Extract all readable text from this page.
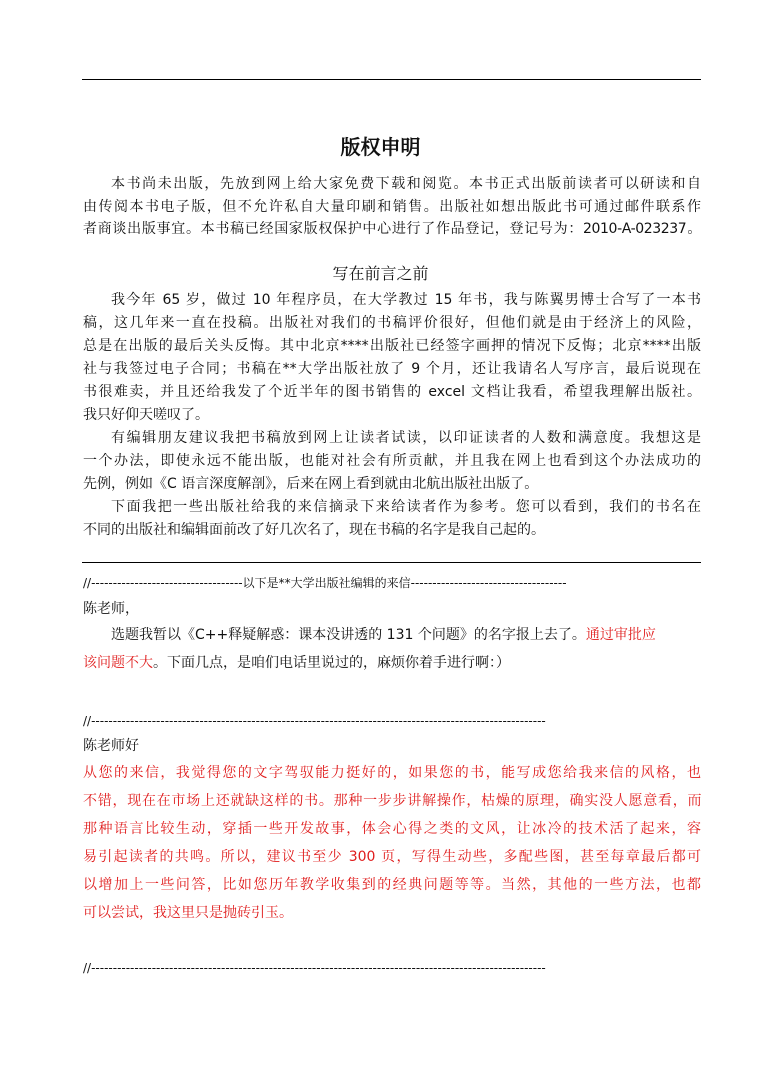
版权申明
本书尚未出版，先放到网上给大家免费下载和阅览。本书正式出版前读者可以研读和自
由传阅本书电子版，但不允许私自大量印刷和销售。出版社如想出版此书可通过邮件联系作
者商谈出版事宜。本书稿已经国家版权保护中心进行了作品登记，登记号为：2010-A-023237。
写在前言之前
我今年 65 岁，做过 10 年程序员，在大学教过 15 年书，我与陈翼男博士合写了一本书
稿，这几年来一直在投稿。出版社对我们的书稿评价很好，但他们就是由于经济上的风险，
总是在出版的最后关头反悔。其中北京****出版社已经签字画押的情况下反悔；北京****出版
社与我签过电子合同；书稿在**大学出版社放了 9 个月，还让我请名人写序言，最后说现在
书很难卖，并且还给我发了个近半年的图书销售的 excel 文档让我看，希望我理解出版社。
我只好仰天嗟叹了。
有编辑朋友建议我把书稿放到网上让读者试读，以印证读者的人数和满意度。我想这是
一个办法，即使永远不能出版，也能对社会有所贡献，并且我在网上也看到这个办法成功的
先例，例如《C 语言深度解剖》，后来在网上看到就由北航出版社出版了。
下面我把一些出版社给我的来信摘录下来给读者作为参考。您可以看到，我们的书名在
不同的出版社和编辑面前改了好几次名了，现在书稿的名字是我自己起的。
//-----------------------------------以下是**大学出版社编辑的来信------------------------------------
陈老师，
选题我暂以《C++释疑解惑：课本没讲透的 131 个问题》的名字报上去了。通过审批应
该问题不大。下面几点，是咱们电话里说过的，麻烦你着手进行啊：）
//---------------------------------------------------------------------------------------------------------
陈老师好
从您的来信，我觉得您的文字驾驭能力挺好的，如果您的书，能写成您给我来信的风格，也
不错，现在在市场上还就缺这样的书。那种一步步讲解操作，枯燥的原理，确实没人愿意看，而
那种语言比较生动，穿插一些开发故事，体会心得之类的文风，让冰冷的技术活了起来，容
易引起读者的共鸣。所以，建议书至少 300 页，写得生动些，多配些图，甚至每章最后都可
以增加上一些问答，比如您历年教学收集到的经典问题等等。当然，其他的一些方法，也都
可以尝试，我这里只是抛砖引玉。
//---------------------------------------------------------------------------------------------------------
